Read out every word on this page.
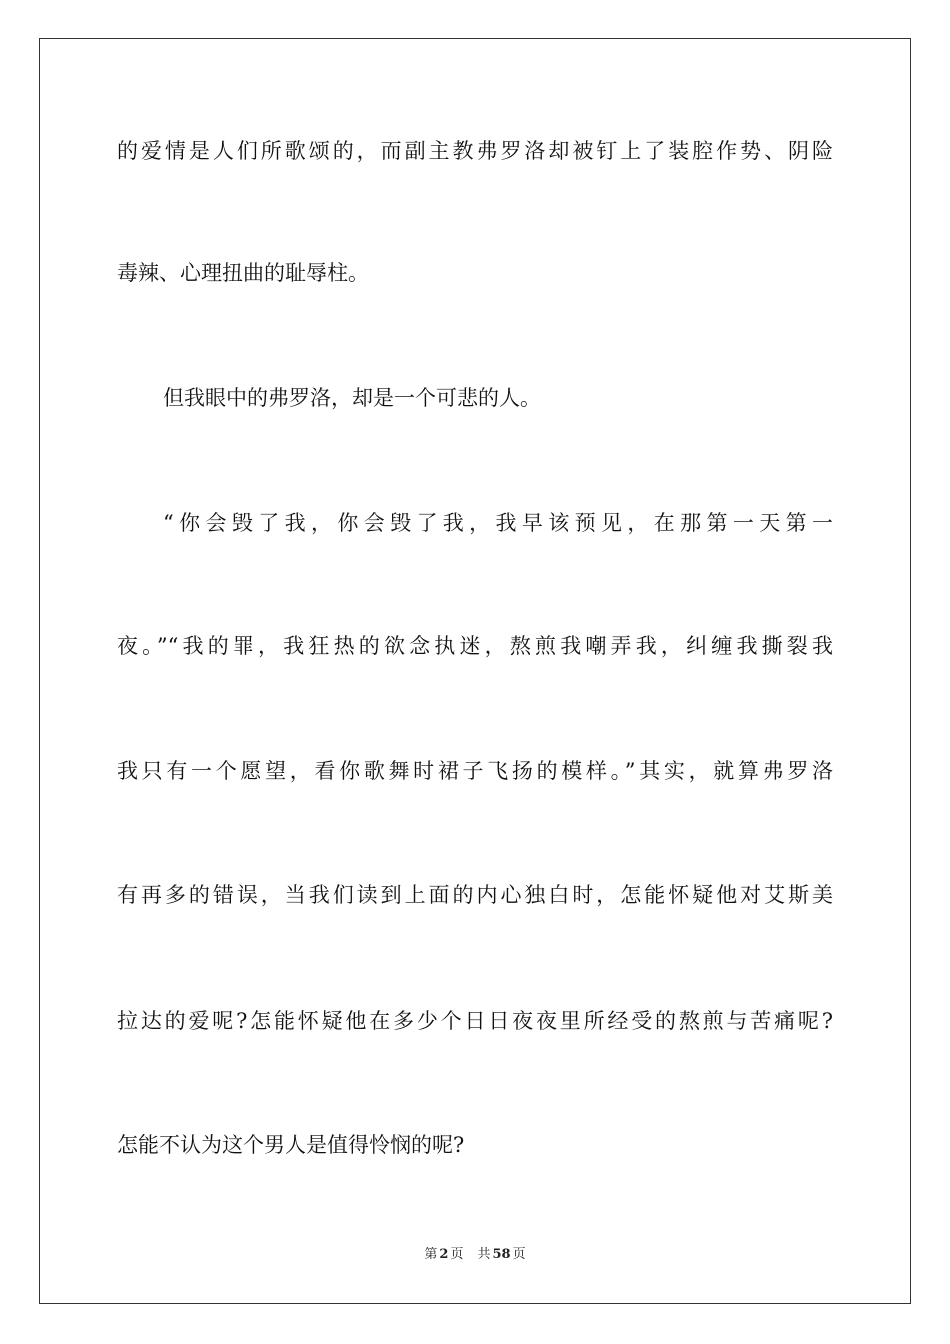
的爱情是人们所歌颂的，而副主教弗罗洛却被钉上了装腔作势、阴险
毒辣、心理扭曲的耻辱柱。
但我眼中的弗罗洛，却是一个可悲的人。
“你会毁了我，你会毁了我，我早该预见，在那第一天第一
夜。”“我的罪，我狂热的欲念执迷，熬煎我嘲弄我，纠缠我撕裂我
我只有一个愿望，看你歌舞时裙子飞扬的模样。”其实，就算弗罗洛
有再多的错误，当我们读到上面的内心独白时，怎能怀疑他对艾斯美
拉达的爱呢?怎能怀疑他在多少个日日夜夜里所经受的熬煎与苦痛呢?
怎能不认为这个男人是值得怜悯的呢?
第 2 页 共 58 页
